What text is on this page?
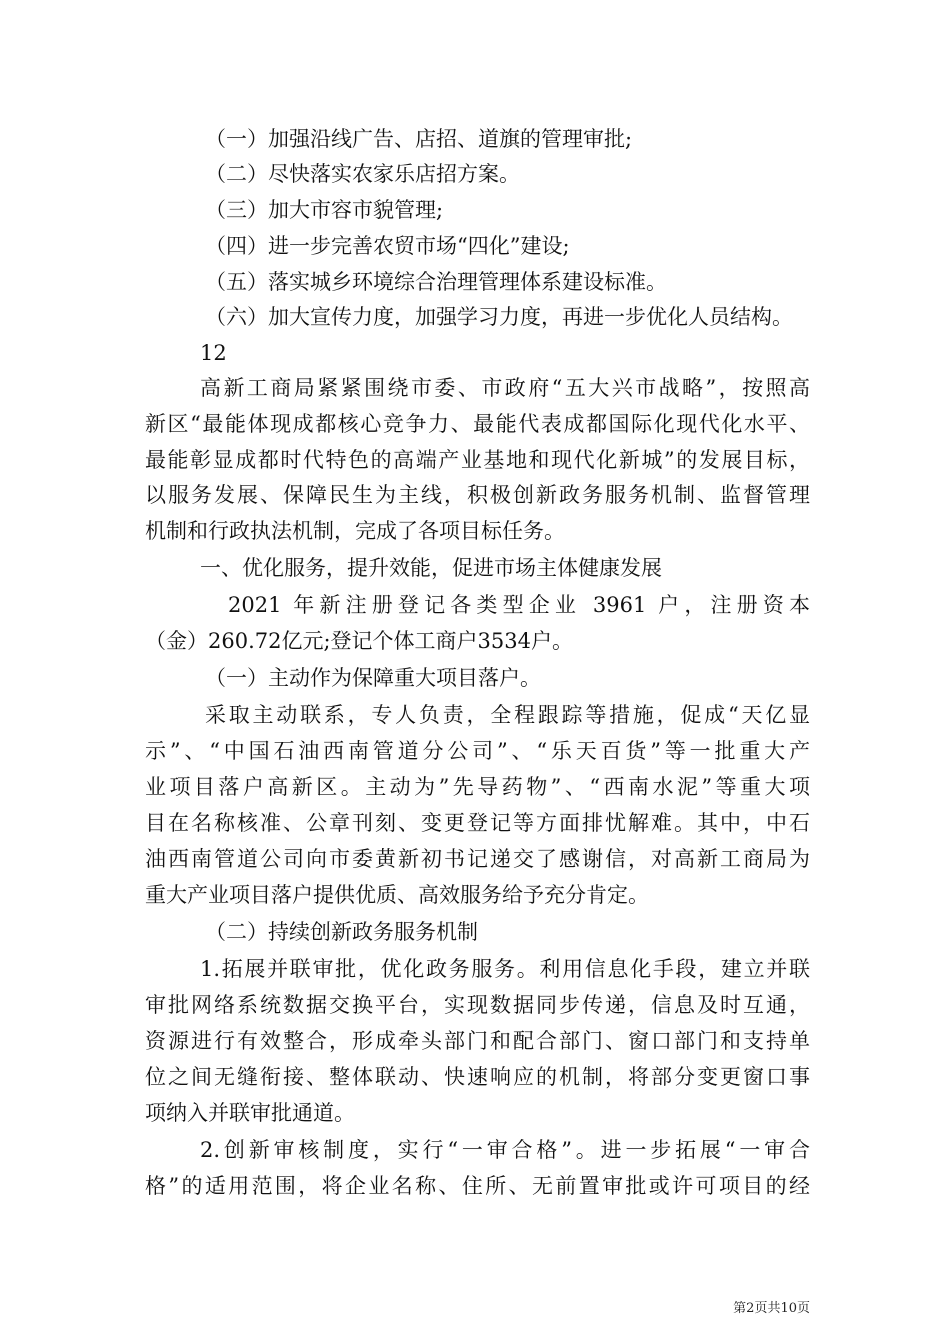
（一）加强沿线广告、店招、道旗的管理审批;
（二）尽快落实农家乐店招方案。
（三）加大市容市貌管理;
（四）进一步完善农贸市场“四化”建设;
（五）落实城乡环境综合治理管理体系建设标准。
（六）加大宣传力度，加强学习力度，再进一步优化人员结构。
12
高新工商局紧紧围绕市委、市政府“五大兴市战略”，按照高
新区“最能体现成都核心竞争力、最能代表成都国际化现代化水平、
最能彰显成都时代特色的高端产业基地和现代化新城”的发展目标，
以服务发展、保障民生为主线，积极创新政务服务机制、监督管理
机制和行政执法机制，完成了各项目标任务。
一、优化服务，提升效能，促进市场主体健康发展
2021 年新注册登记各类型企业 3961 户，注册资本
（金）260.72亿元;登记个体工商户3534户。
（一）主动作为保障重大项目落户。
采取主动联系，专人负责，全程跟踪等措施，促成“天亿显
示”、“中国石油西南管道分公司”、“乐天百货”等一批重大产
业项目落户高新区。主动为”先导药物”、“西南水泥”等重大项
目在名称核准、公章刊刻、变更登记等方面排忧解难。其中，中石
油西南管道公司向市委黄新初书记递交了感谢信，对高新工商局为
重大产业项目落户提供优质、高效服务给予充分肯定。
（二）持续创新政务服务机制
1.拓展并联审批，优化政务服务。利用信息化手段，建立并联
审批网络系统数据交换平台，实现数据同步传递，信息及时互通，
资源进行有效整合，形成牵头部门和配合部门、窗口部门和支持单
位之间无缝衔接、整体联动、快速响应的机制，将部分变更窗口事
项纳入并联审批通道。
2.创新审核制度，实行“一审合格”。进一步拓展“一审合
格”的适用范围，将企业名称、住所、无前置审批或许可项目的经
第2页共10页
